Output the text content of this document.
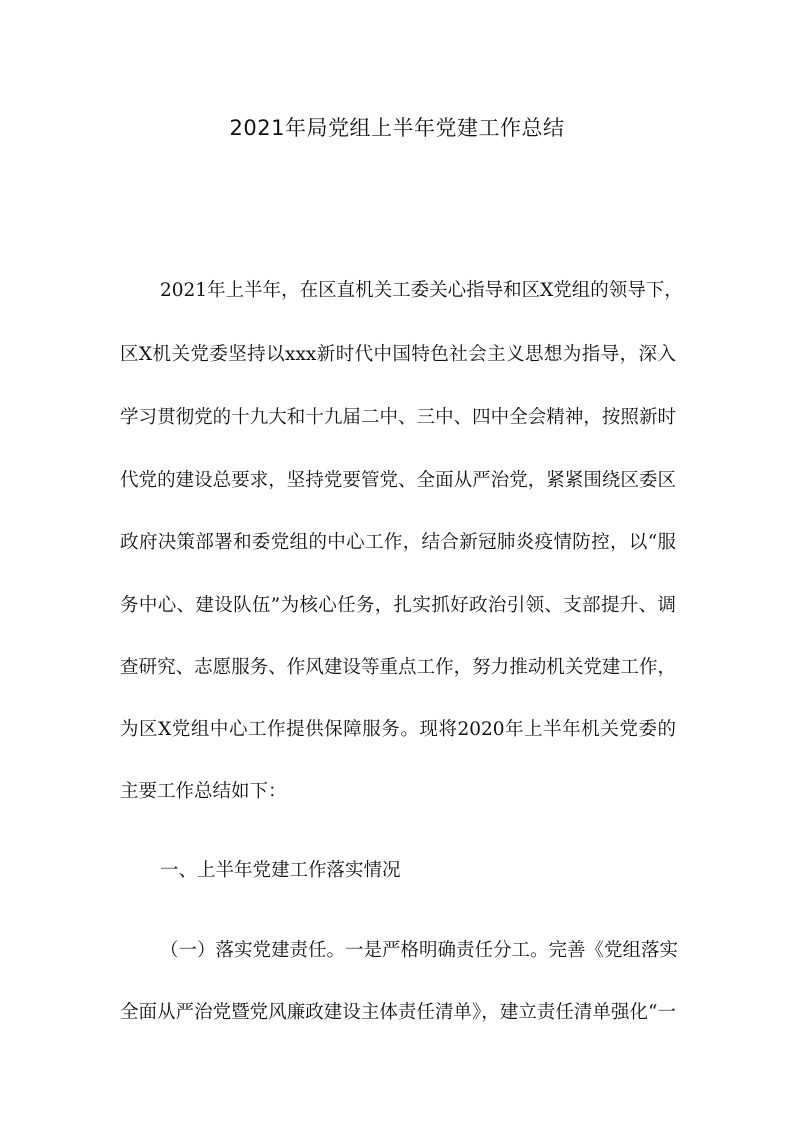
2021年局党组上半年党建工作总结
2021年上半年，在区直机关工委关心指导和区X党组的领导下，
区X机关党委坚持以xxx新时代中国特色社会主义思想为指导，深入
学习贯彻党的十九大和十九届二中、三中、四中全会精神，按照新时
代党的建设总要求，坚持党要管党、全面从严治党，紧紧围绕区委区
政府决策部署和委党组的中心工作，结合新冠肺炎疫情防控，以“服
务中心、建设队伍”为核心任务，扎实抓好政治引领、支部提升、调
查研究、志愿服务、作风建设等重点工作，努力推动机关党建工作，
为区X党组中心工作提供保障服务。现将2020年上半年机关党委的
主要工作总结如下：
一、上半年党建工作落实情况
（一）落实党建责任。一是严格明确责任分工。完善《党组落实
全面从严治党暨党风廉政建设主体责任清单》，建立责任清单强化“一
